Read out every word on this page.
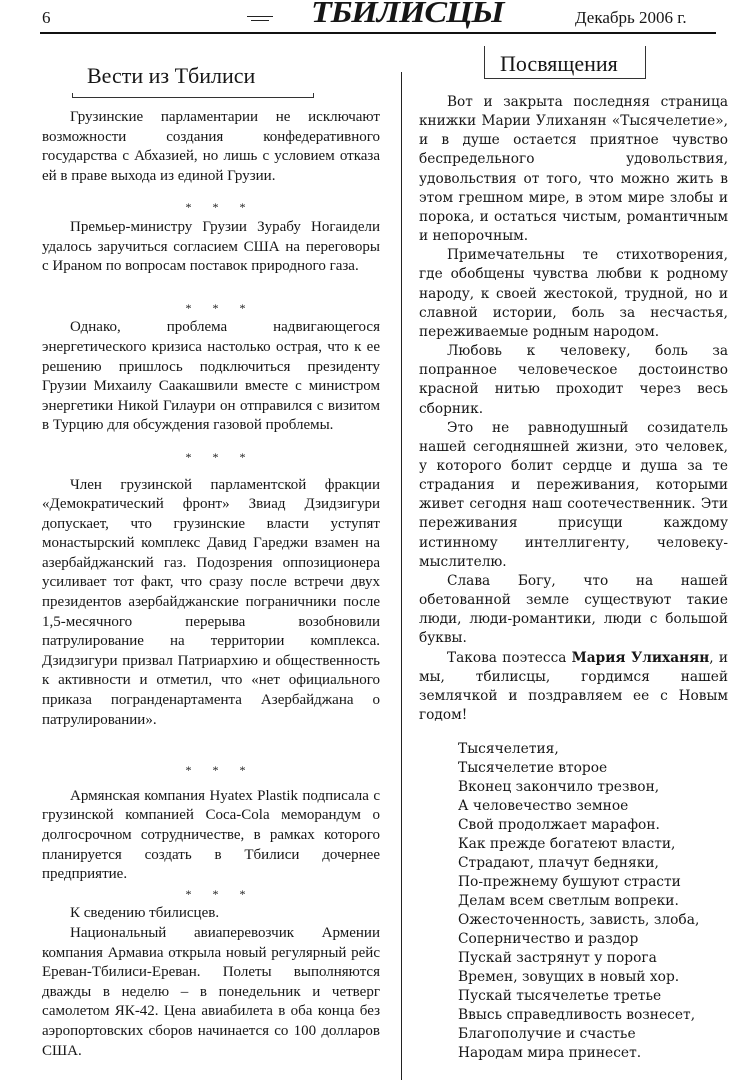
6	ТБИЛИСЦЫ	Декабрь 2006 г.
Вести из Тбилиси	Посвящения

Грузинские парламентарии не исключают возможности создания конфедеративного государства с Абхазией, но лишь с условием отказа ей в праве выхода из единой Грузии.

* * *

Премьер-министру Грузии Зурабу Ногаидели удалось заручиться согласием США на переговоры с Ираном по вопросам поставок природного газа.

* * *

Однако, проблема надвигающегося энергетического кризиса настолько острая, что к ее решению пришлось подключиться президенту Грузии Михаилу Саакашвили вместе с министром энергетики Никой Гилаури он отправился с визитом в Турцию для обсуждения газовой проблемы.

* * *

Член грузинской парламентской фракции «Демократический фронт» Звиад Дзидзигури допускает, что грузинские власти уступят монастырский комплекс Давид Гареджи взамен на азербайджанский газ. Подозрения оппозиционера усиливает тот факт, что сразу после встречи двух президентов азербайджанские пограничники после 1,5-месячного перерыва возобновили патрулирование на территории комплекса. Дзидзигури призвал Патриархию и общественность к активности и отметил, что «нет официального приказа погранденартамента Азербайджана о патрулировании».

* * *

Армянская компания Hyatex Plastik подписала с грузинской компанией Coca-Cola меморандум о долгосрочном сотрудничестве, в рамках которого планируется создать в Тбилиси дочернее предприятие.

* * *

К сведению тбилисцев.

Национальный авиаперевозчик Армении компания Армавиа открыла новый регулярный рейс Ереван-Тбилиси-Ереван. Полеты выполняются дважды в неделю – в понедельник и четверг самолетом ЯК-42. Цена авиабилета в оба конца без аэропортовских сборов начинается со 100 долларов США.

Вот и закрыта последняя страница книжки Марии Улиханян «Тысячелетие», и в душе остается приятное чувство беспредельного удовольствия, удовольствия от того, что можно жить в этом грешном мире, в этом мире злобы и порока, и остаться чистым, романтичным и непорочным.

Примечательны те стихотворения, где обобщены чувства любви к родному народу, к своей жестокой, трудной, но и славной истории, боль за несчастья, переживаемые родным народом.

Любовь к человеку, боль за попранное человеческое достоинство красной нитью проходит через весь сборник.

Это не равнодушный созидатель нашей сегодняшней жизни, это человек, у которого болит сердце и душа за те страдания и переживания, которыми живет сегодня наш соотечественник. Эти переживания присущи каждому истинному интеллигенту, человеку-мыслителю.

Слава Богу, что на нашей обетованной земле существуют такие люди, люди-романтики, люди с большой буквы.

Такова поэтесса Мария Улиханян, и мы, тбилисцы, гордимся нашей землячкой и поздравляем ее с Новым годом!

Тысячелетия,
Тысячелетие второе
Вконец закончило трезвон,
А человечество земное
Свой продолжает марафон.
Как прежде богатеют власти,
Страдают, плачут бедняки,
По-прежнему бушуют страсти
Делам всем светлым вопреки.
Ожесточенность, зависть, злоба,
Соперничество и раздор
Пускай застрянут у порога
Времен, зовущих в новый хор.
Пускай тысячелетье третье
Ввысь справедливость вознесет,
Благополучие и счастье
Народам мира принесет.
